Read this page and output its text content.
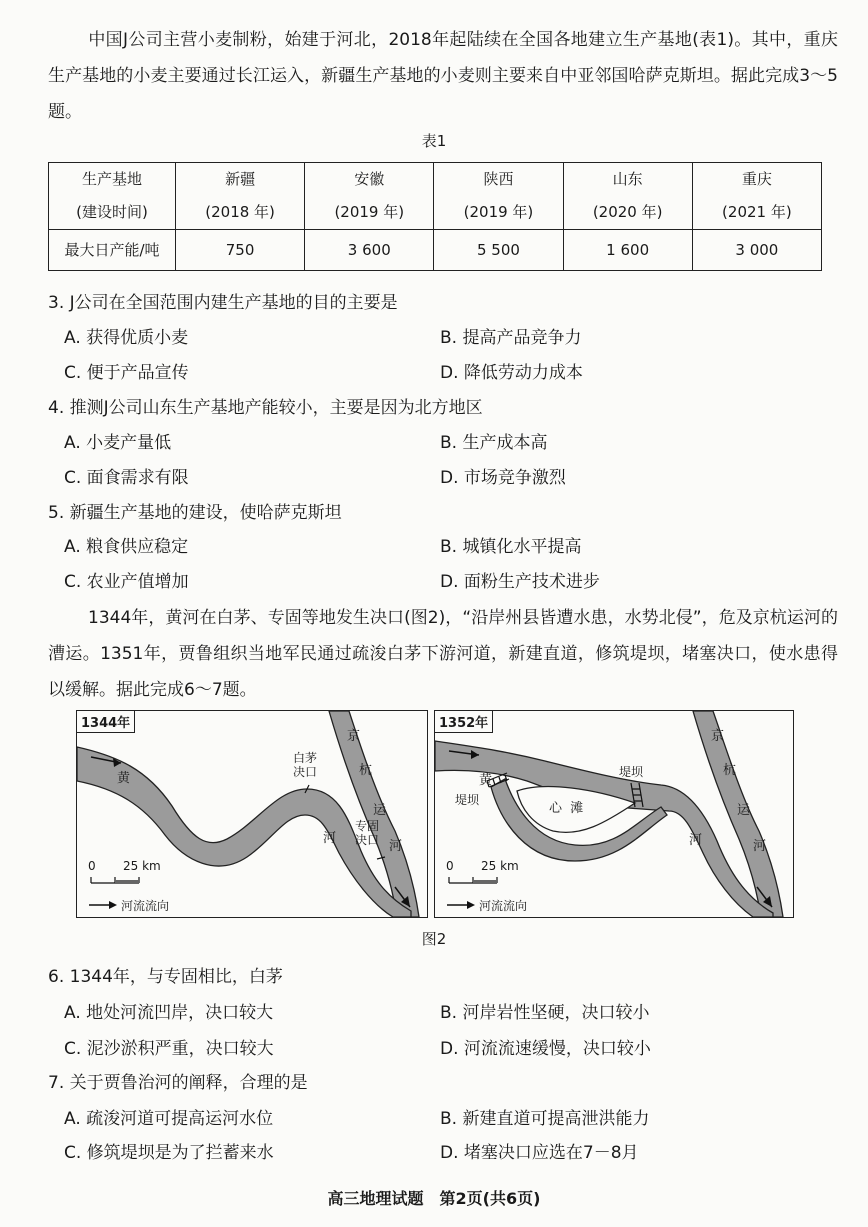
中国J公司主营小麦制粉，始建于河北，2018年起陆续在全国各地建立生产基地(表1)。其中，重庆生产基地的小麦主要通过长江运入，新疆生产基地的小麦则主要来自中亚邻国哈萨克斯坦。据此完成3～5题。
表1
生产基地	新疆	安徽	陕西	山东	重庆
(建设时间)	(2018 年)	(2019 年)	(2019 年)	(2020 年)	(2021 年)
最大日产能/吨	750	3 600	5 500	1 600	3 000
3. J公司在全国范围内建生产基地的目的主要是
A. 获得优质小麦	B. 提高产品竞争力
C. 便于产品宣传	D. 降低劳动力成本
4. 推测J公司山东生产基地产能较小，主要是因为北方地区
A. 小麦产量低	B. 生产成本高
C. 面食需求有限	D. 市场竞争激烈
5. 新疆生产基地的建设，使哈萨克斯坦
A. 粮食供应稳定	B. 城镇化水平提高
C. 农业产值增加	D. 面粉生产技术进步
1344年，黄河在白茅、专固等地发生决口(图2)，“沿岸州县皆遭水患，水势北侵”，危及京杭运河的漕运。1351年，贾鲁组织当地军民通过疏浚白茅下游河道，新建直道，修筑堤坝，堵塞决口，使水患得以缓解。据此完成6～7题。
1344年
黄
河
京
杭
运
河
白茅
决口
专固
决口
0 25 km
河流流向
1352年
黄
河
京
杭
运
河
心  滩
堤坝
堤坝
0 25 km
河流流向
图2
6. 1344年，与专固相比，白茅
A. 地处河流凹岸，决口较大	B. 河岸岩性坚硬，决口较小
C. 泥沙淤积严重，决口较大	D. 河流流速缓慢，决口较小
7. 关于贾鲁治河的阐释，合理的是
A. 疏浚河道可提高运河水位	B. 新建直道可提高泄洪能力
C. 修筑堤坝是为了拦蓄来水	D. 堵塞决口应选在7－8月
高三地理试题　第2页(共6页)
